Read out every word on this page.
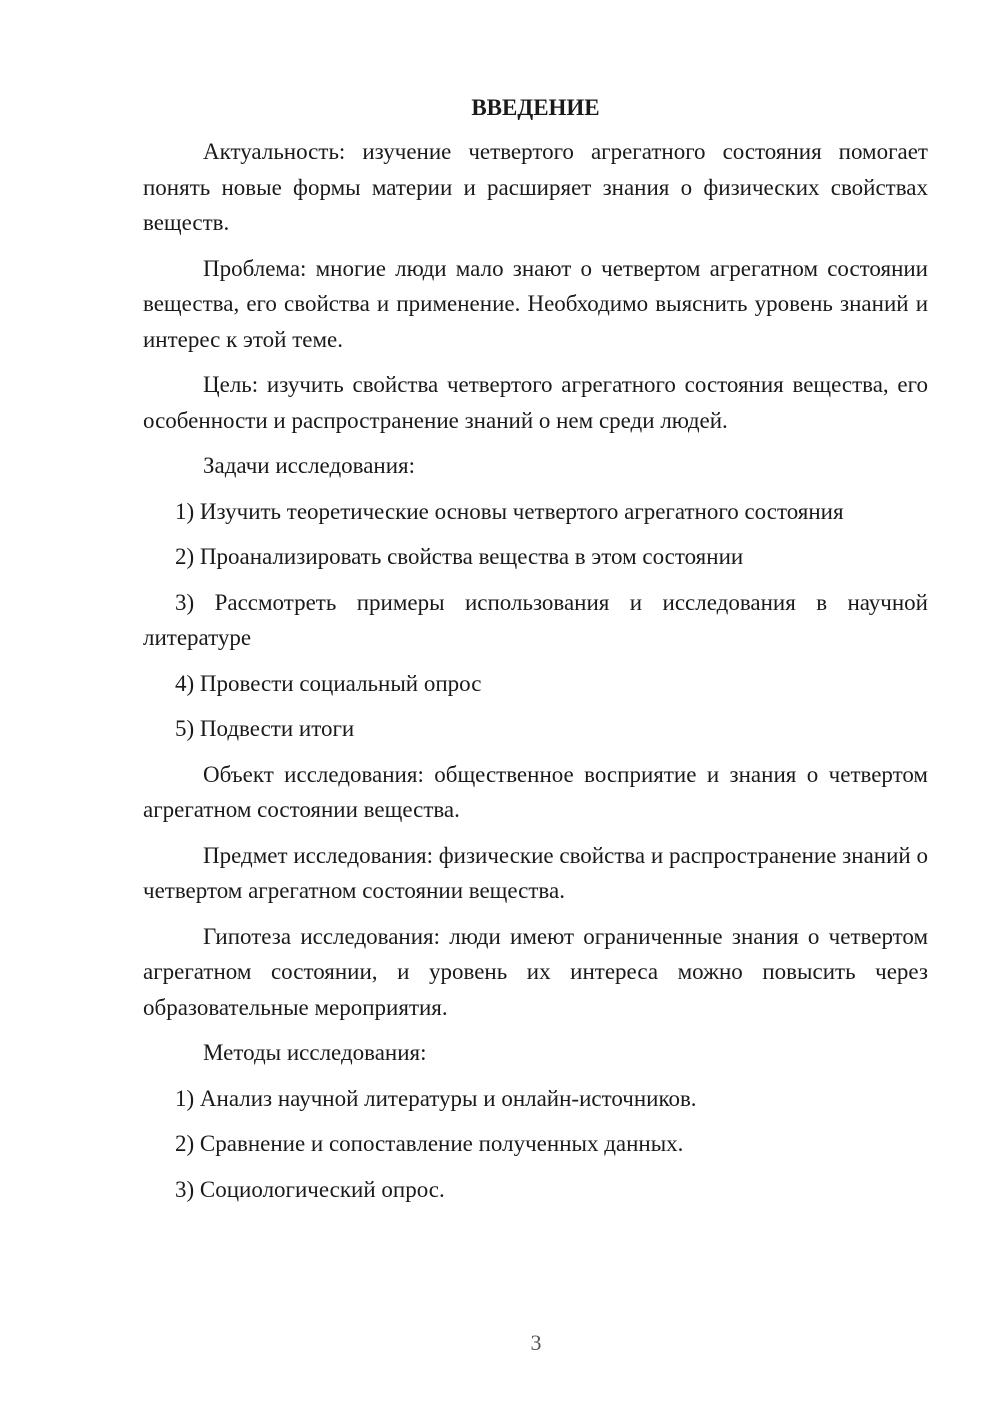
ВВЕДЕНИЕ

Актуальность: изучение четвертого агрегатного состояния помогает понять новые формы материи и расширяет знания о физических свойствах веществ.

Проблема: многие люди мало знают о четвертом агрегатном состоянии вещества, его свойства и применение. Необходимо выяснить уровень знаний и интерес к этой теме.

Цель: изучить свойства четвертого агрегатного состояния вещества, его особенности и распространение знаний о нем среди людей.

Задачи исследования:

1) Изучить теоретические основы четвертого агрегатного состояния

2) Проанализировать свойства вещества в этом состоянии

3) Рассмотреть примеры использования и исследования в научной литературе

4) Провести социальный опрос

5) Подвести итоги

Объект исследования: общественное восприятие и знания о четвертом агрегатном состоянии вещества.

Предмет исследования: физические свойства и распространение знаний о четвертом агрегатном состоянии вещества.

Гипотеза исследования: люди имеют ограниченные знания о четвертом агрегатном состоянии, и уровень их интереса можно повысить через образовательные мероприятия.

Методы исследования:

1) Анализ научной литературы и онлайн-источников.

2) Сравнение и сопоставление полученных данных.

3) Социологический опрос.

3
